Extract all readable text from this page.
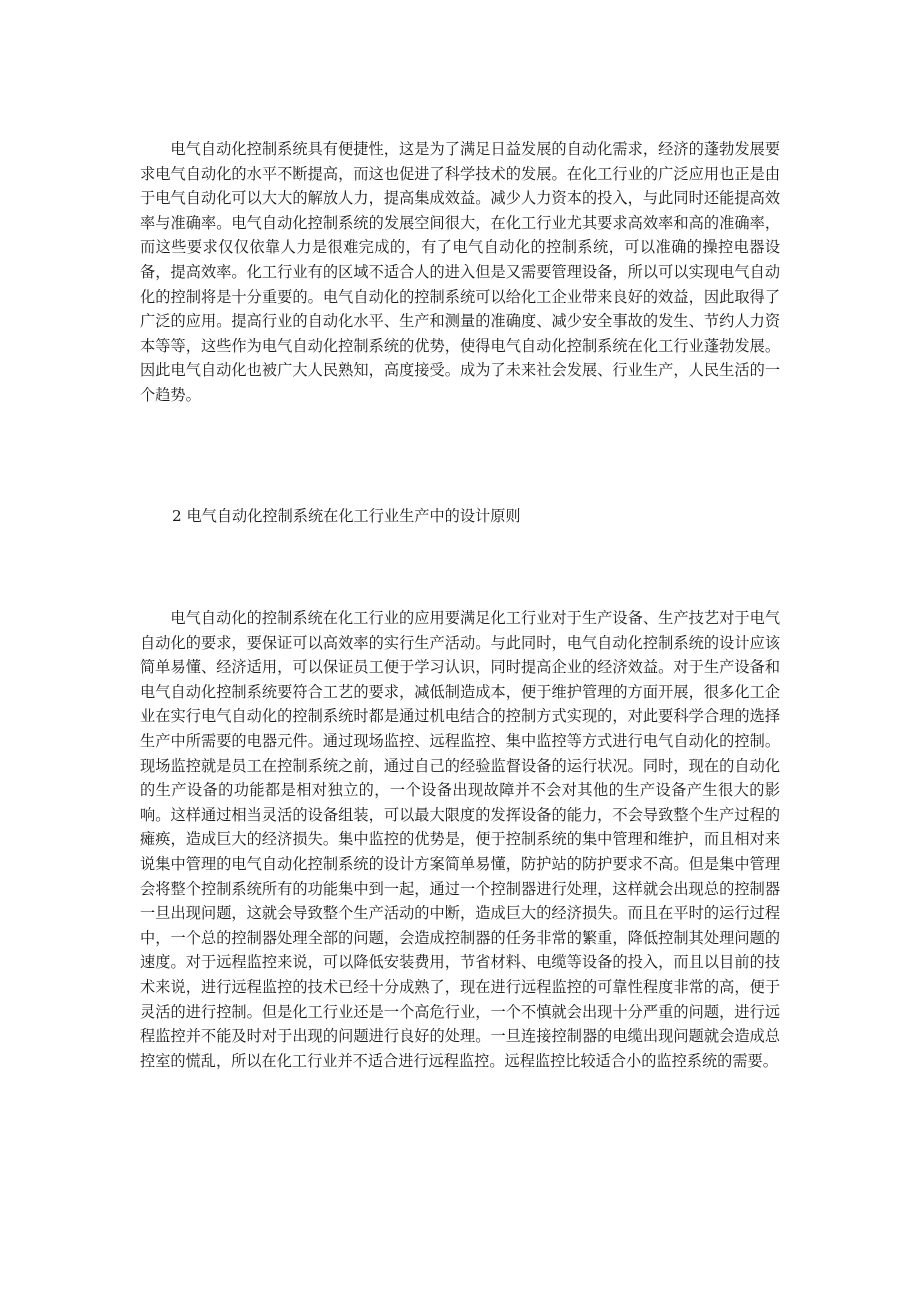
电气自动化控制系统具有便捷性，这是为了满足日益发展的自动化需求，经济的蓬勃发展要求电气自动化的水平不断提高，而这也促进了科学技术的发展。在化工行业的广泛应用也正是由于电气自动化可以大大的解放人力，提高集成效益。减少人力资本的投入，与此同时还能提高效率与准确率。电气自动化控制系统的发展空间很大，在化工行业尤其要求高效率和高的准确率，而这些要求仅仅依靠人力是很难完成的，有了电气自动化的控制系统，可以准确的操控电器设备，提高效率。化工行业有的区域不适合人的进入但是又需要管理设备，所以可以实现电气自动化的控制将是十分重要的。电气自动化的控制系统可以给化工企业带来良好的效益，因此取得了广泛的应用。提高行业的自动化水平、生产和测量的准确度、减少安全事故的发生、节约人力资本等等，这些作为电气自动化控制系统的优势，使得电气自动化控制系统在化工行业蓬勃发展。因此电气自动化也被广大人民熟知，高度接受。成为了未来社会发展、行业生产，人民生活的一个趋势。

2 电气自动化控制系统在化工行业生产中的设计原则

电气自动化的控制系统在化工行业的应用要满足化工行业对于生产设备、生产技艺对于电气自动化的要求，要保证可以高效率的实行生产活动。与此同时，电气自动化控制系统的设计应该简单易懂、经济适用，可以保证员工便于学习认识，同时提高企业的经济效益。对于生产设备和电气自动化控制系统要符合工艺的要求，减低制造成本，便于维护管理的方面开展，很多化工企业在实行电气自动化的控制系统时都是通过机电结合的控制方式实现的，对此要科学合理的选择生产中所需要的电器元件。通过现场监控、远程监控、集中监控等方式进行电气自动化的控制。现场监控就是员工在控制系统之前，通过自己的经验监督设备的运行状况。同时，现在的自动化的生产设备的功能都是相对独立的，一个设备出现故障并不会对其他的生产设备产生很大的影响。这样通过相当灵活的设备组装，可以最大限度的发挥设备的能力，不会导致整个生产过程的瘫痪，造成巨大的经济损失。集中监控的优势是，便于控制系统的集中管理和维护，而且相对来说集中管理的电气自动化控制系统的设计方案简单易懂，防护站的防护要求不高。但是集中管理会将整个控制系统所有的功能集中到一起，通过一个控制器进行处理，这样就会出现总的控制器一旦出现问题，这就会导致整个生产活动的中断，造成巨大的经济损失。而且在平时的运行过程中，一个总的控制器处理全部的问题，会造成控制器的任务非常的繁重，降低控制其处理问题的速度。对于远程监控来说，可以降低安装费用，节省材料、电缆等设备的投入，而且以目前的技术来说，进行远程监控的技术已经十分成熟了，现在进行远程监控的可靠性程度非常的高，便于灵活的进行控制。但是化工行业还是一个高危行业，一个不慎就会出现十分严重的问题，进行远程监控并不能及时对于出现的问题进行良好的处理。一旦连接控制器的电缆出现问题就会造成总控室的慌乱，所以在化工行业并不适合进行远程监控。远程监控比较适合小的监控系统的需要。
